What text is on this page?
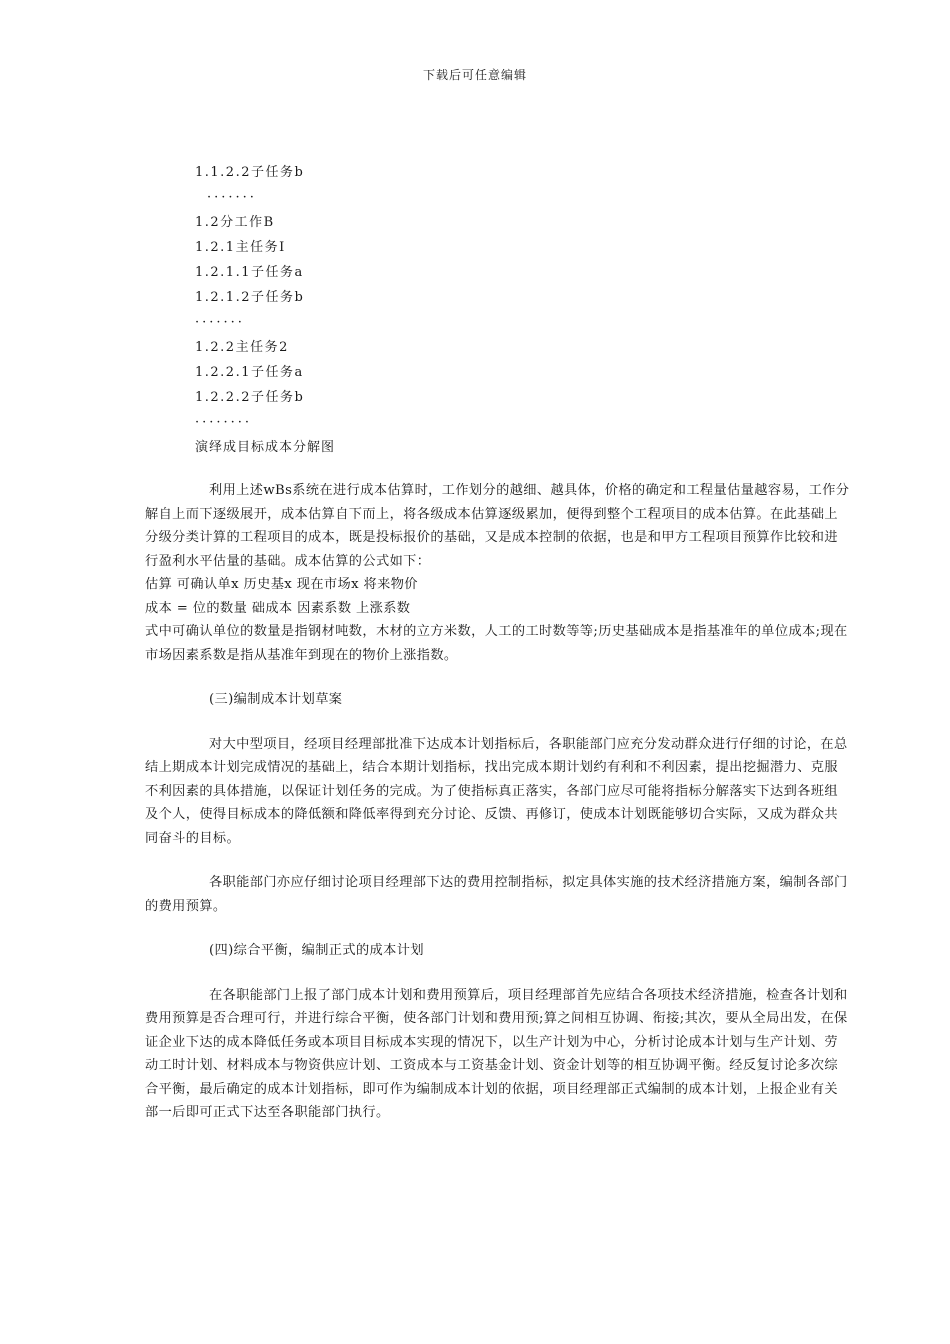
下载后可任意编辑
1.1.2.2子任务b
·······
1.2分工作B
1.2.1主任务I
1.2.1.1子任务a
1.2.1.2子任务b
·······
1.2.2主任务2
1.2.2.1子任务a
1.2.2.2子任务b
········
演绎成目标成本分解图

利用上述wBs系统在进行成本估算时，工作划分的越细、越具体，价格的确定和工程量估量越容易，工作分解自上而下逐级展开，成本估算自下而上，将各级成本估算逐级累加，便得到整个工程项目的成本估算。在此基础上分级分类计算的工程项目的成本，既是投标报价的基础，又是成本控制的依据，也是和甲方工程项目预算作比较和进行盈利水平估量的基础。成本估算的公式如下：

估算 可确认单x 历史基x 现在市场x 将来物价

成本 = 位的数量 础成本 因素系数 上涨系数

式中可确认单位的数量是指钢材吨数，木材的立方米数，人工的工时数等等;历史基础成本是指基准年的单位成本;现在市场因素系数是指从基准年到现在的物价上涨指数。

(三)编制成本计划草案

对大中型项目，经项目经理部批准下达成本计划指标后，各职能部门应充分发动群众进行仔细的讨论，在总结上期成本计划完成情况的基础上，结合本期计划指标，找出完成本期计划约有利和不利因素，提出挖掘潜力、克服不利因素的具体措施，以保证计划任务的完成。为了使指标真正落实，各部门应尽可能将指标分解落实下达到各班组及个人，使得目标成本的降低额和降低率得到充分讨论、反馈、再修订，使成本计划既能够切合实际，又成为群众共同奋斗的目标。

各职能部门亦应仔细讨论项目经理部下达的费用控制指标，拟定具体实施的技术经济措施方案，编制各部门的费用预算。

(四)综合平衡，编制正式的成本计划

在各职能部门上报了部门成本计划和费用预算后，项目经理部首先应结合各项技术经济措施，检查各计划和费用预算是否合理可行，并进行综合平衡，使各部门计划和费用预;算之间相互协调、衔接;其次，要从全局出发，在保证企业下达的成本降低任务或本项目目标成本实现的情况下，以生产计划为中心，分析讨论成本计划与生产计划、劳动工时计划、材料成本与物资供应计划、工资成本与工资基金计划、资金计划等的相互协调平衡。经反复讨论多次综合平衡，最后确定的成本计划指标，即可作为编制成本计划的依据，项目经理部正式编制的成本计划，上报企业有关部一后即可正式下达至各职能部门执行。
